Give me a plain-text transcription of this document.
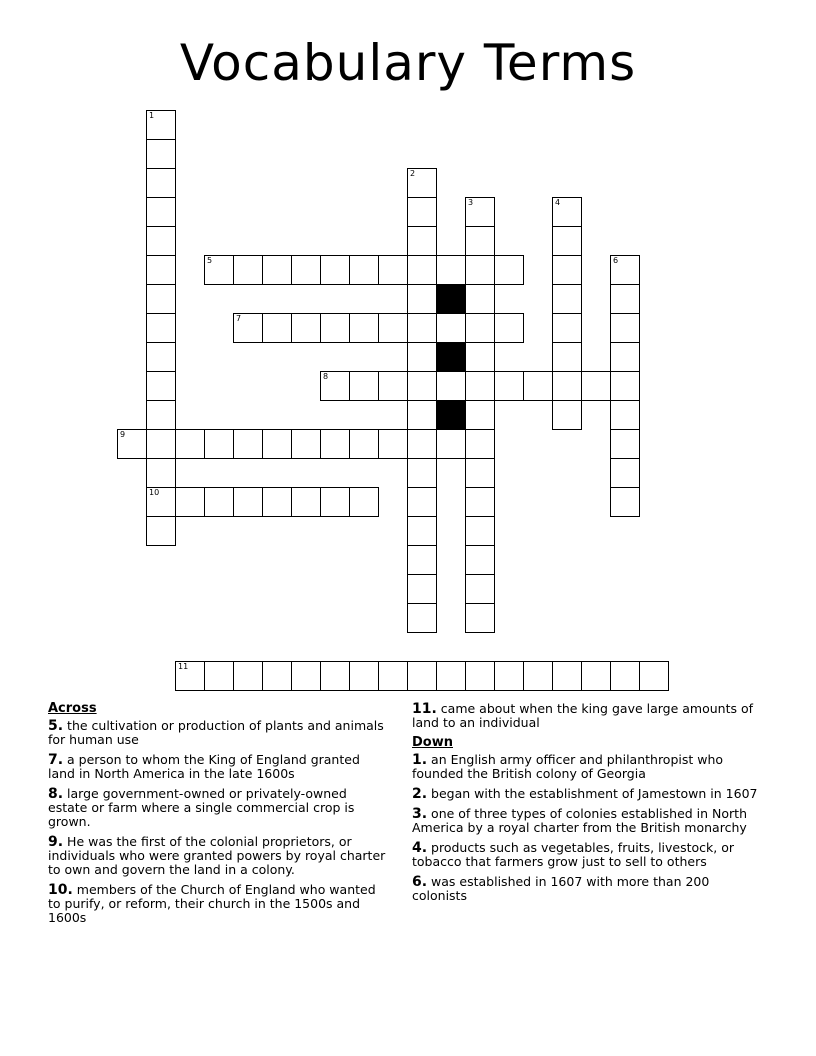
Vocabulary Terms
1
10
2
3	4
5	6
7
8
9
11
Across
5. the cultivation or production of plants and animals for human use
7. a person to whom the King of England granted land in North America in the late 1600s
8. large government-owned or privately-owned estate or farm where a single commercial crop is grown.
9. He was the first of the colonial proprietors, or individuals who were granted powers by royal charter to own and govern the land in a colony.
10. members of the Church of England who wanted to purify, or reform, their church in the 1500s and 1600s
11. came about when the king gave large amounts of land to an individual
Down
1. an English army officer and philanthropist who founded the British colony of Georgia
2. began with the establishment of Jamestown in 1607
3. one of three types of colonies established in North America by a royal charter from the British monarchy
4. products such as vegetables, fruits, livestock, or tobacco that farmers grow just to sell to others
6. was established in 1607 with more than 200 colonists
